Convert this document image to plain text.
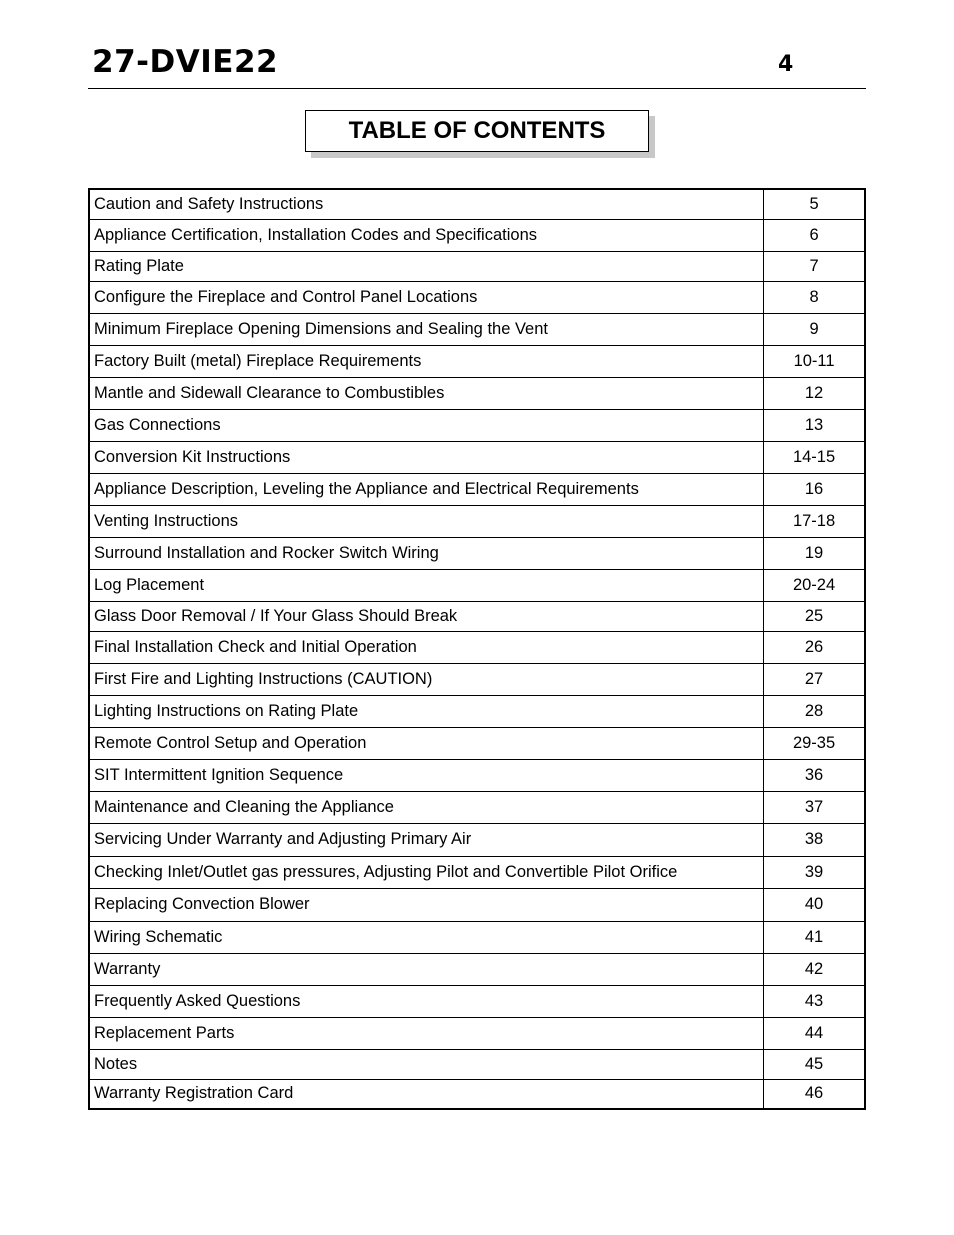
27-DVIE22	4
TABLE OF CONTENTS
Caution and Safety Instructions	5
Appliance Certification, Installation Codes and Specifications	6
Rating Plate	7
Configure the Fireplace and Control Panel Locations	8
Minimum Fireplace Opening Dimensions and Sealing the Vent	9
Factory Built (metal) Fireplace Requirements	10-11
Mantle and Sidewall Clearance to Combustibles	12
Gas Connections	13
Conversion Kit Instructions	14-15
Appliance Description, Leveling the Appliance and Electrical Requirements	16
Venting Instructions	17-18
Surround Installation and Rocker Switch Wiring	19
Log Placement	20-24
Glass Door Removal / If Your Glass Should Break	25
Final Installation Check and Initial Operation	26
First Fire and Lighting Instructions (CAUTION)	27
Lighting Instructions on Rating Plate	28
Remote Control Setup and Operation	29-35
SIT Intermittent Ignition Sequence	36
Maintenance and Cleaning the Appliance	37
Servicing Under Warranty and Adjusting Primary Air	38
Checking Inlet/Outlet gas pressures, Adjusting Pilot and Convertible Pilot Orifice	39
Replacing Convection Blower	40
Wiring Schematic	41
Warranty	42
Frequently Asked Questions	43
Replacement Parts	44
Notes	45
Warranty Registration Card	46
